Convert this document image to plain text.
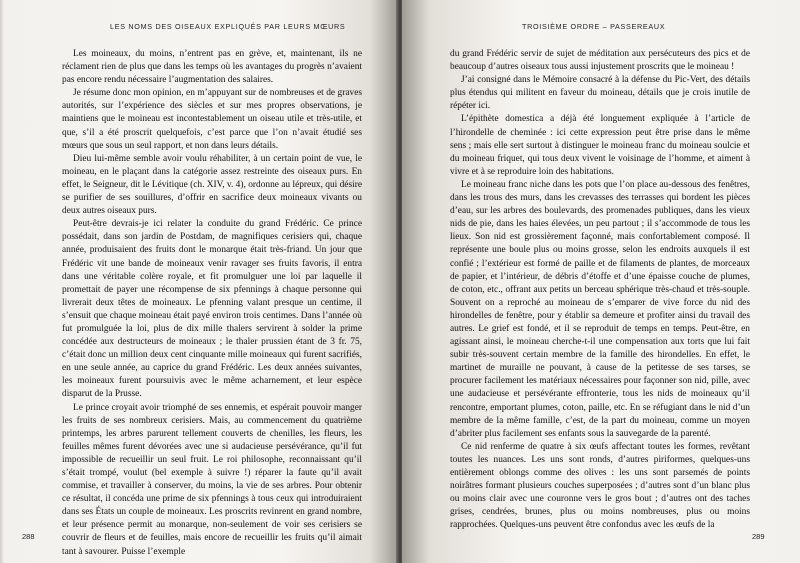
LES NOMS DES OISEAUX EXPLIQUÉS PAR LEURS MŒURS

Les moineaux, du moins, n’entrent pas en grève, et, maintenant, ils ne réclament rien de plus que dans les temps où les avantages du progrès n’avaient pas encore rendu nécessaire l’augmentation des salaires.

Je résume donc mon opinion, en m’appuyant sur de nombreuses et de graves autorités, sur l’expérience des siècles et sur mes propres observations, je maintiens que le moineau est incontestablement un oiseau utile et très-utile, et que, s’il a été proscrit quelquefois, c’est parce que l’on n’avait étudié ses mœurs que sous un seul rapport, et non dans leurs détails.

Dieu lui-même semble avoir voulu réhabiliter, à un certain point de vue, le moineau, en le plaçant dans la catégorie assez restreinte des oiseaux purs. En effet, le Seigneur, dit le Lévitique (ch. XIV, v. 4), ordonne au lépreux, qui désire se purifier de ses souillures, d’offrir en sacrifice deux moineaux vivants ou deux autres oiseaux purs.

Peut-être devrais-je ici relater la conduite du grand Frédéric. Ce prince possédait, dans son jardin de Postdam, de magnifiques cerisiers qui, chaque année, produisaient des fruits dont le monarque était très-friand. Un jour que Frédéric vit une bande de moineaux venir ravager ses fruits favoris, il entra dans une véritable colère royale, et fit promulguer une loi par laquelle il promettait de payer une récompense de six pfennings à chaque personne qui livrerait deux têtes de moineaux. Le pfenning valant presque un centime, il s’ensuit que chaque moineau était payé environ trois centimes. Dans l’année où fut promulguée la loi, plus de dix mille thalers servirent à solder la prime concédée aux destructeurs de moineaux ; le thaler prussien étant de 3 fr. 75, c’était donc un million deux cent cinquante mille moineaux qui furent sacrifiés, en une seule année, au caprice du grand Frédéric. Les deux années suivantes, les moineaux furent poursuivis avec le même acharnement, et leur espèce disparut de la Prusse.

Le prince croyait avoir triomphé de ses ennemis, et espérait pouvoir manger les fruits de ses nombreux cerisiers. Mais, au commencement du quatrième printemps, les arbres parurent tellement couverts de chenilles, les fleurs, les feuilles mêmes furent dévorées avec une si audacieuse persévérance, qu’il fut impossible de recueillir un seul fruit. Le roi philosophe, reconnaissant qu’il s’était trompé, voulut (bel exemple à suivre !) réparer la faute qu’il avait commise, et travailler à conserver, du moins, la vie de ses arbres. Pour obtenir ce résultat, il concéda une prime de six pfennings à tous ceux qui introduiraient dans ses États un couple de moineaux. Les proscrits revinrent en grand nombre, et leur présence permit au monarque, non-seulement de voir ses cerisiers se couvrir de fleurs et de feuilles, mais encore de recueillir les fruits qu’il aimait tant à savourer. Puisse l’exemple

288
TROISIÈME ORDRE – PASSEREAUX

du grand Frédéric servir de sujet de méditation aux persécuteurs des pics et de beaucoup d’autres oiseaux tous aussi injustement proscrits que le moineau !

J’ai consigné dans le Mémoire consacré à la défense du Pic-Vert, des détails plus étendus qui militent en faveur du moineau, détails que je crois inutile de répéter ici.

L’épithète domestica a déjà été longuement expliquée à l’article de l’hirondelle de cheminée : ici cette expression peut être prise dans le même sens ; mais elle sert surtout à distinguer le moineau franc du moineau soulcie et du moineau friquet, qui tous deux vivent le voisinage de l’homme, et aiment à vivre et à se reproduire loin des habitations.

Le moineau franc niche dans les pots que l’on place au-dessous des fenêtres, dans les trous des murs, dans les crevasses des terrasses qui bordent les pièces d’eau, sur les arbres des boulevards, des promenades publiques, dans les vieux nids de pie, dans les haies élevées, un peu partout ; il s’accommode de tous les lieux. Son nid est grossièrement façonné, mais confortablement composé. Il représente une boule plus ou moins grosse, selon les endroits auxquels il est confié ; l’extérieur est formé de paille et de filaments de plantes, de morceaux de papier, et l’intérieur, de débris d’étoffe et d’une épaisse couche de plumes, de coton, etc., offrant aux petits un berceau sphérique très-chaud et très-souple. Souvent on a reproché au moineau de s’emparer de vive force du nid des hirondelles de fenêtre, pour y établir sa demeure et profiter ainsi du travail des autres. Le grief est fondé, et il se reproduit de temps en temps. Peut-être, en agissant ainsi, le moineau cherche-t-il une compensation aux torts que lui fait subir très-souvent certain membre de la famille des hirondelles. En effet, le martinet de muraille ne pouvant, à cause de la petitesse de ses tarses, se procurer facilement les matériaux nécessaires pour façonner son nid, pille, avec une audacieuse et persévérante effronterie, tous les nids de moineaux qu’il rencontre, emportant plumes, coton, paille, etc. En se réfugiant dans le nid d’un membre de la même famille, c’est, de la part du moineau, comme un moyen d’abriter plus facilement ses enfants sous la sauvegarde de la parenté.

Ce nid renferme de quatre à six œufs affectant toutes les formes, revêtant toutes les nuances. Les uns sont ronds, d’autres piriformes, quelques-uns entièrement oblongs comme des olives : les uns sont parsemés de points noirâtres formant plusieurs couches superposées ; d’autres sont d’un blanc plus ou moins clair avec une couronne vers le gros bout ; d’autres ont des taches grises, cendrées, brunes, plus ou moins nombreuses, plus ou moins rapprochées. Quelques-uns peuvent être confondus avec les œufs de la

289
